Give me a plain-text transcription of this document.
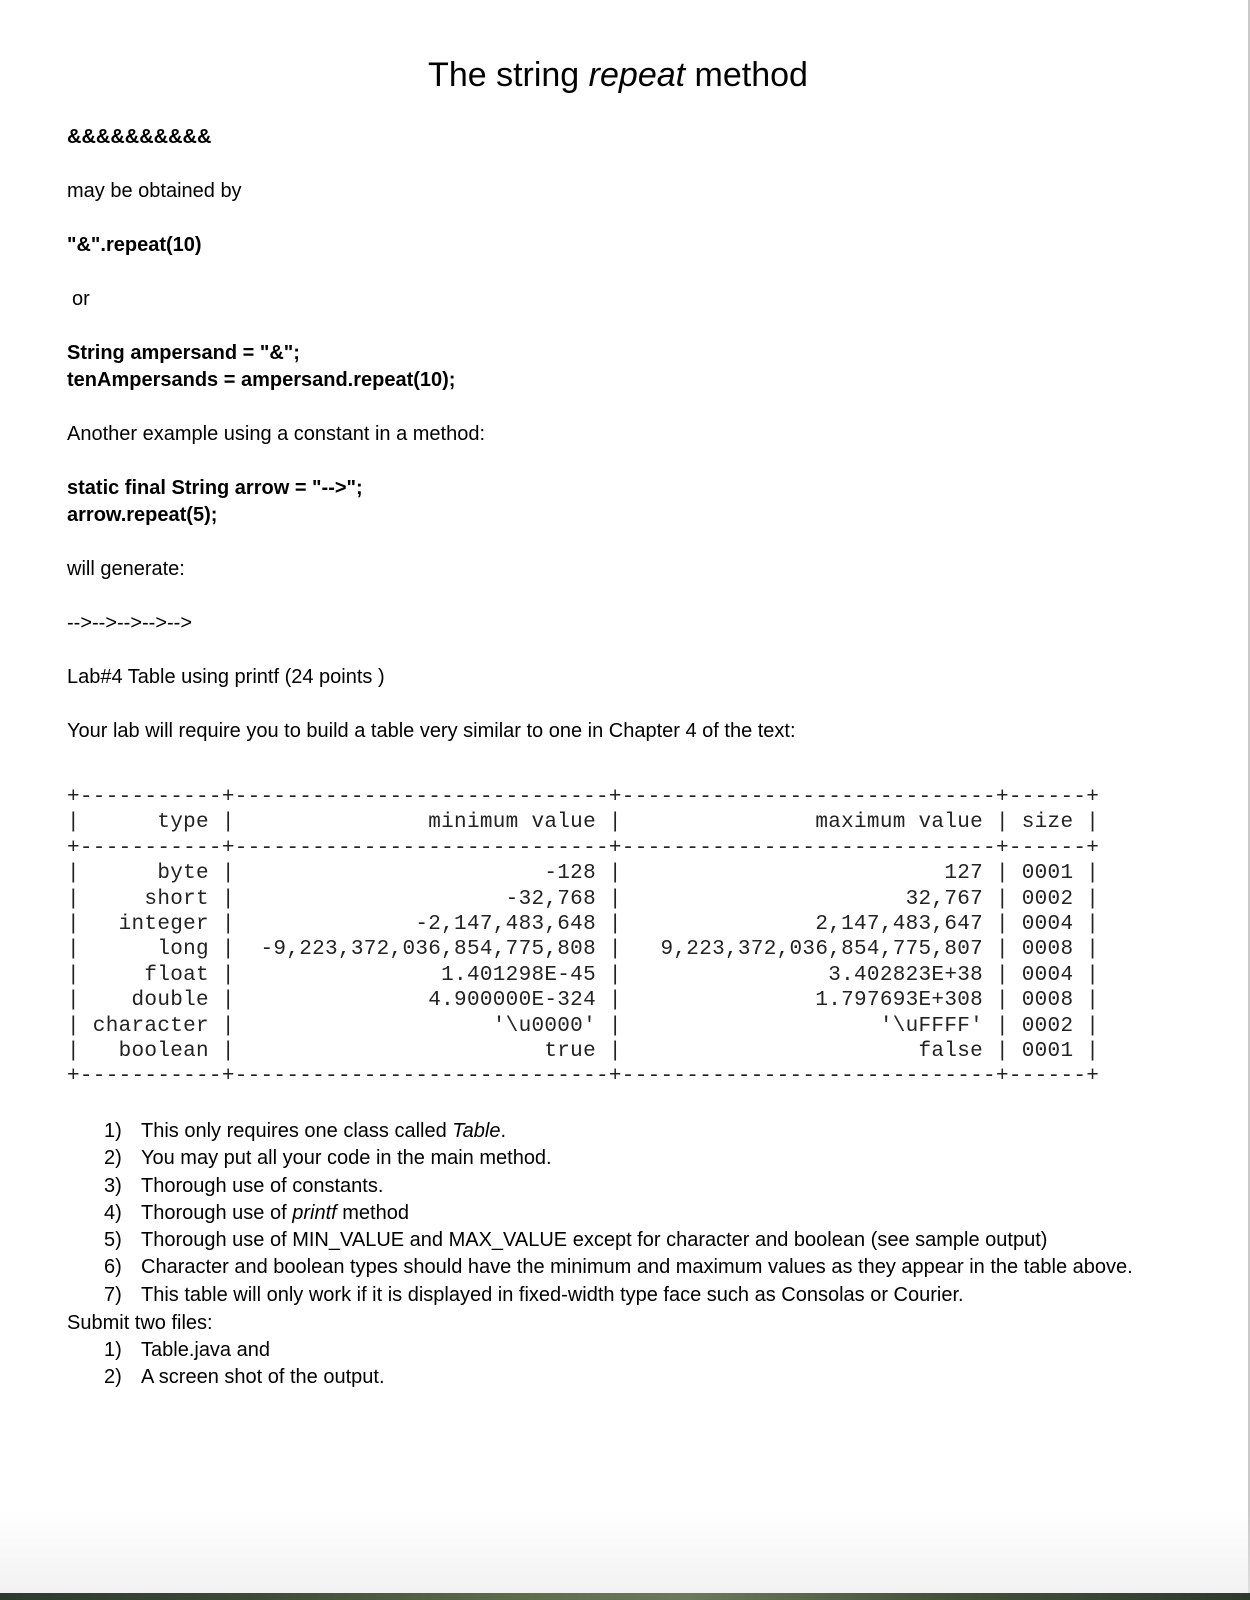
The string repeat method
&&&&&&&&&&
may be obtained by
"&".repeat(10)
or
String ampersand = "&";
tenAmpersands = ampersand.repeat(10);
Another example using a constant in a method:
static final String arrow = "-->";
arrow.repeat(5);
will generate:
-->-->-->-->-->
Lab#4 Table using printf (24 points )
Your lab will require you to build a table very similar to one in Chapter 4 of the text:
+-----------+-----------------------------+-----------------------------+------+
|      type |               minimum value |               maximum value | size |
+-----------+-----------------------------+-----------------------------+------+
|      byte |                        -128 |                         127 | 0001 |
|     short |                     -32,768 |                      32,767 | 0002 |
|   integer |              -2,147,483,648 |               2,147,483,647 | 0004 |
|      long |  -9,223,372,036,854,775,808 |   9,223,372,036,854,775,807 | 0008 |
|     float |                1.401298E-45 |                3.402823E+38 | 0004 |
|    double |               4.900000E-324 |               1.797693E+308 | 0008 |
| character |                    '\u0000' |                    '\uFFFF' | 0002 |
|   boolean |                        true |                       false | 0001 |
+-----------+-----------------------------+-----------------------------+------+
1) This only requires one class called Table.
2) You may put all your code in the main method.
3) Thorough use of constants.
4) Thorough use of printf method
5) Thorough use of MIN_VALUE and MAX_VALUE except for character and boolean (see sample output)
6) Character and boolean types should have the minimum and maximum values as they appear in the table above.
7) This table will only work if it is displayed in fixed-width type face such as Consolas or Courier.
Submit two files:
1) Table.java and
2) A screen shot of the output.
